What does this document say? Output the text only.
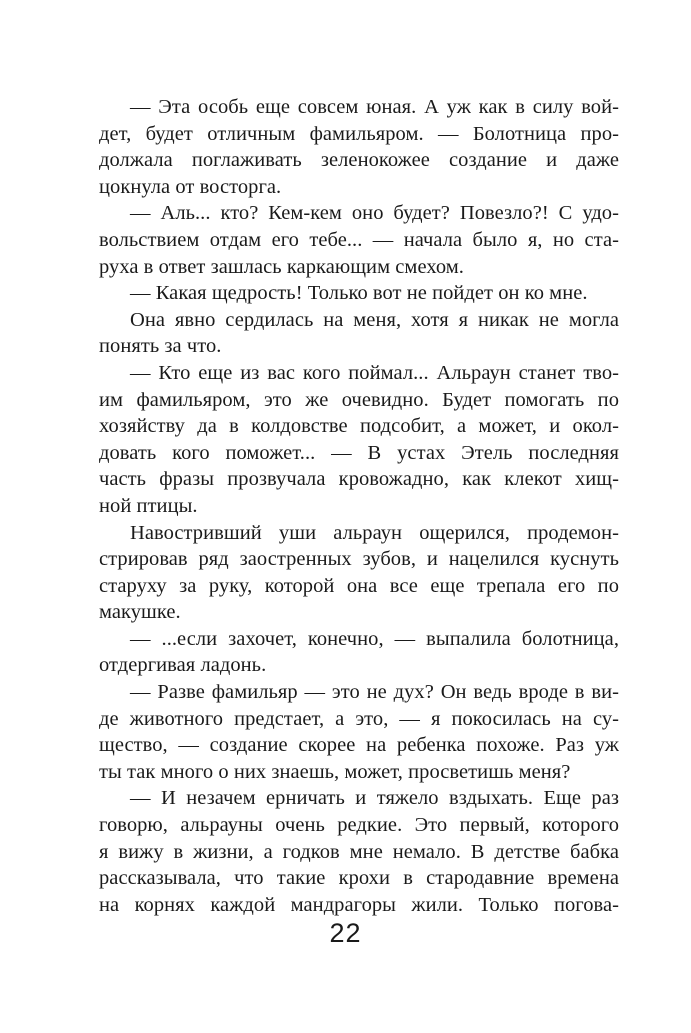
— Эта особь еще совсем юная. А уж как в силу вой-
дет, будет отличным фамильяром. — Болотница про-
должала поглаживать зеленокожее создание и даже
цокнула от восторга.
— Аль... кто? Кем-кем оно будет? Повезло?! С удо-
вольствием отдам его тебе... — начала было я, но ста-
руха в ответ зашлась каркающим смехом.
— Какая щедрость! Только вот не пойдет он ко мне.
Она явно сердилась на меня, хотя я никак не могла
понять за что.
— Кто еще из вас кого поймал... Альраун станет тво-
им фамильяром, это же очевидно. Будет помогать по
хозяйству да в колдовстве подсобит, а может, и окол-
довать кого поможет... — В устах Этель последняя
часть фразы прозвучала кровожадно, как клекот хищ-
ной птицы.
Навостривший уши альраун ощерился, продемон-
стрировав ряд заостренных зубов, и нацелился куснуть
старуху за руку, которой она все еще трепала его по
макушке.
— ...если захочет, конечно, — выпалила болотница,
отдергивая ладонь.
— Разве фамильяр — это не дух? Он ведь вроде в ви-
де животного предстает, а это, — я покосилась на су-
щество, — создание скорее на ребенка похоже. Раз уж
ты так много о них знаешь, может, просветишь меня?
— И незачем ерничать и тяжело вздыхать. Еще раз
говорю, альрауны очень редкие. Это первый, которого
я вижу в жизни, а годков мне немало. В детстве бабка
рассказывала, что такие крохи в стародавние времена
на корнях каждой мандрагоры жили. Только погова-
22
